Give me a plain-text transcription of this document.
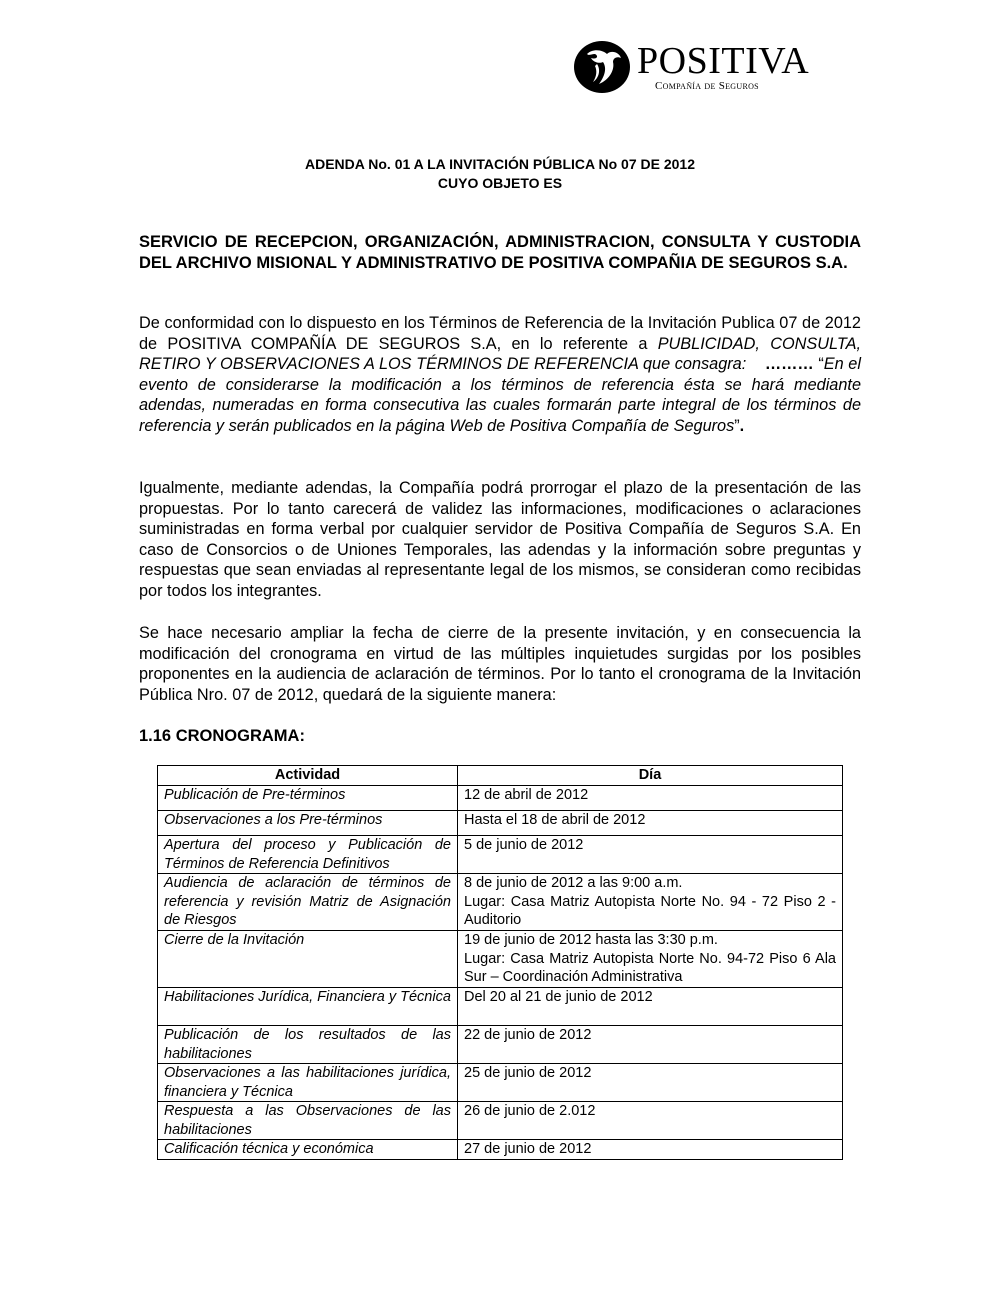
POSITIVA
Compañía de Seguros
ADENDA No. 01 A LA INVITACIÓN PÚBLICA No 07 DE 2012
CUYO OBJETO ES
SERVICIO DE RECEPCION, ORGANIZACIÓN, ADMINISTRACION, CONSULTA Y CUSTODIA DEL ARCHIVO MISIONAL Y ADMINISTRATIVO DE POSITIVA COMPAÑIA DE SEGUROS S.A.
De conformidad con lo dispuesto en los Términos de Referencia de la Invitación Publica 07 de 2012 de POSITIVA COMPAÑÍA DE SEGUROS S.A, en lo referente a PUBLICIDAD, CONSULTA, RETIRO Y OBSERVACIONES A LOS TÉRMINOS DE REFERENCIA que consagra: ……… “En el evento de considerarse la modificación a los términos de referencia ésta se hará mediante adendas, numeradas en forma consecutiva las cuales formarán parte integral de los términos de referencia y serán publicados en la página Web de Positiva Compañía de Seguros”.
Igualmente, mediante adendas, la Compañía podrá prorrogar el plazo de la presentación de las propuestas. Por lo tanto carecerá de validez las informaciones, modificaciones o aclaraciones suministradas en forma verbal por cualquier servidor de Positiva Compañía de Seguros S.A. En caso de Consorcios o de Uniones Temporales, las adendas y la información sobre preguntas y respuestas que sean enviadas al representante legal de los mismos, se consideran como recibidas por todos los integrantes.
Se hace necesario ampliar la fecha de cierre de la presente invitación, y en consecuencia la modificación del cronograma en virtud de las múltiples inquietudes surgidas por los posibles proponentes en la audiencia de aclaración de términos. Por lo tanto el cronograma de la Invitación Pública Nro. 07 de 2012, quedará de la siguiente manera:
1.16 CRONOGRAMA:
Actividad	Día
Publicación de Pre-términos	12 de abril de 2012

Observaciones a los Pre-términos	Hasta el 18 de abril de 2012

Apertura del proceso y Publicación de Términos de Referencia Definitivos	5 de junio de 2012

Audiencia de aclaración de términos de referencia y revisión Matriz de Asignación de Riesgos	8 de junio de 2012 a las 9:00 a.m.
Lugar: Casa Matriz Autopista Norte No. 94 - 72 Piso 2 - Auditorio

Cierre de la Invitación	19 de junio de 2012 hasta las 3:30 p.m.
Lugar: Casa Matriz Autopista Norte No. 94-72 Piso 6 Ala Sur – Coordinación Administrativa

Habilitaciones Jurídica, Financiera y Técnica	Del 20 al 21 de junio de 2012

Publicación de los resultados de las habilitaciones	22 de junio de 2012

Observaciones a las habilitaciones jurídica, financiera y Técnica	25 de junio de 2012

Respuesta a las Observaciones de las habilitaciones	26 de junio de 2.012

Calificación técnica y económica	27 de junio de 2012
